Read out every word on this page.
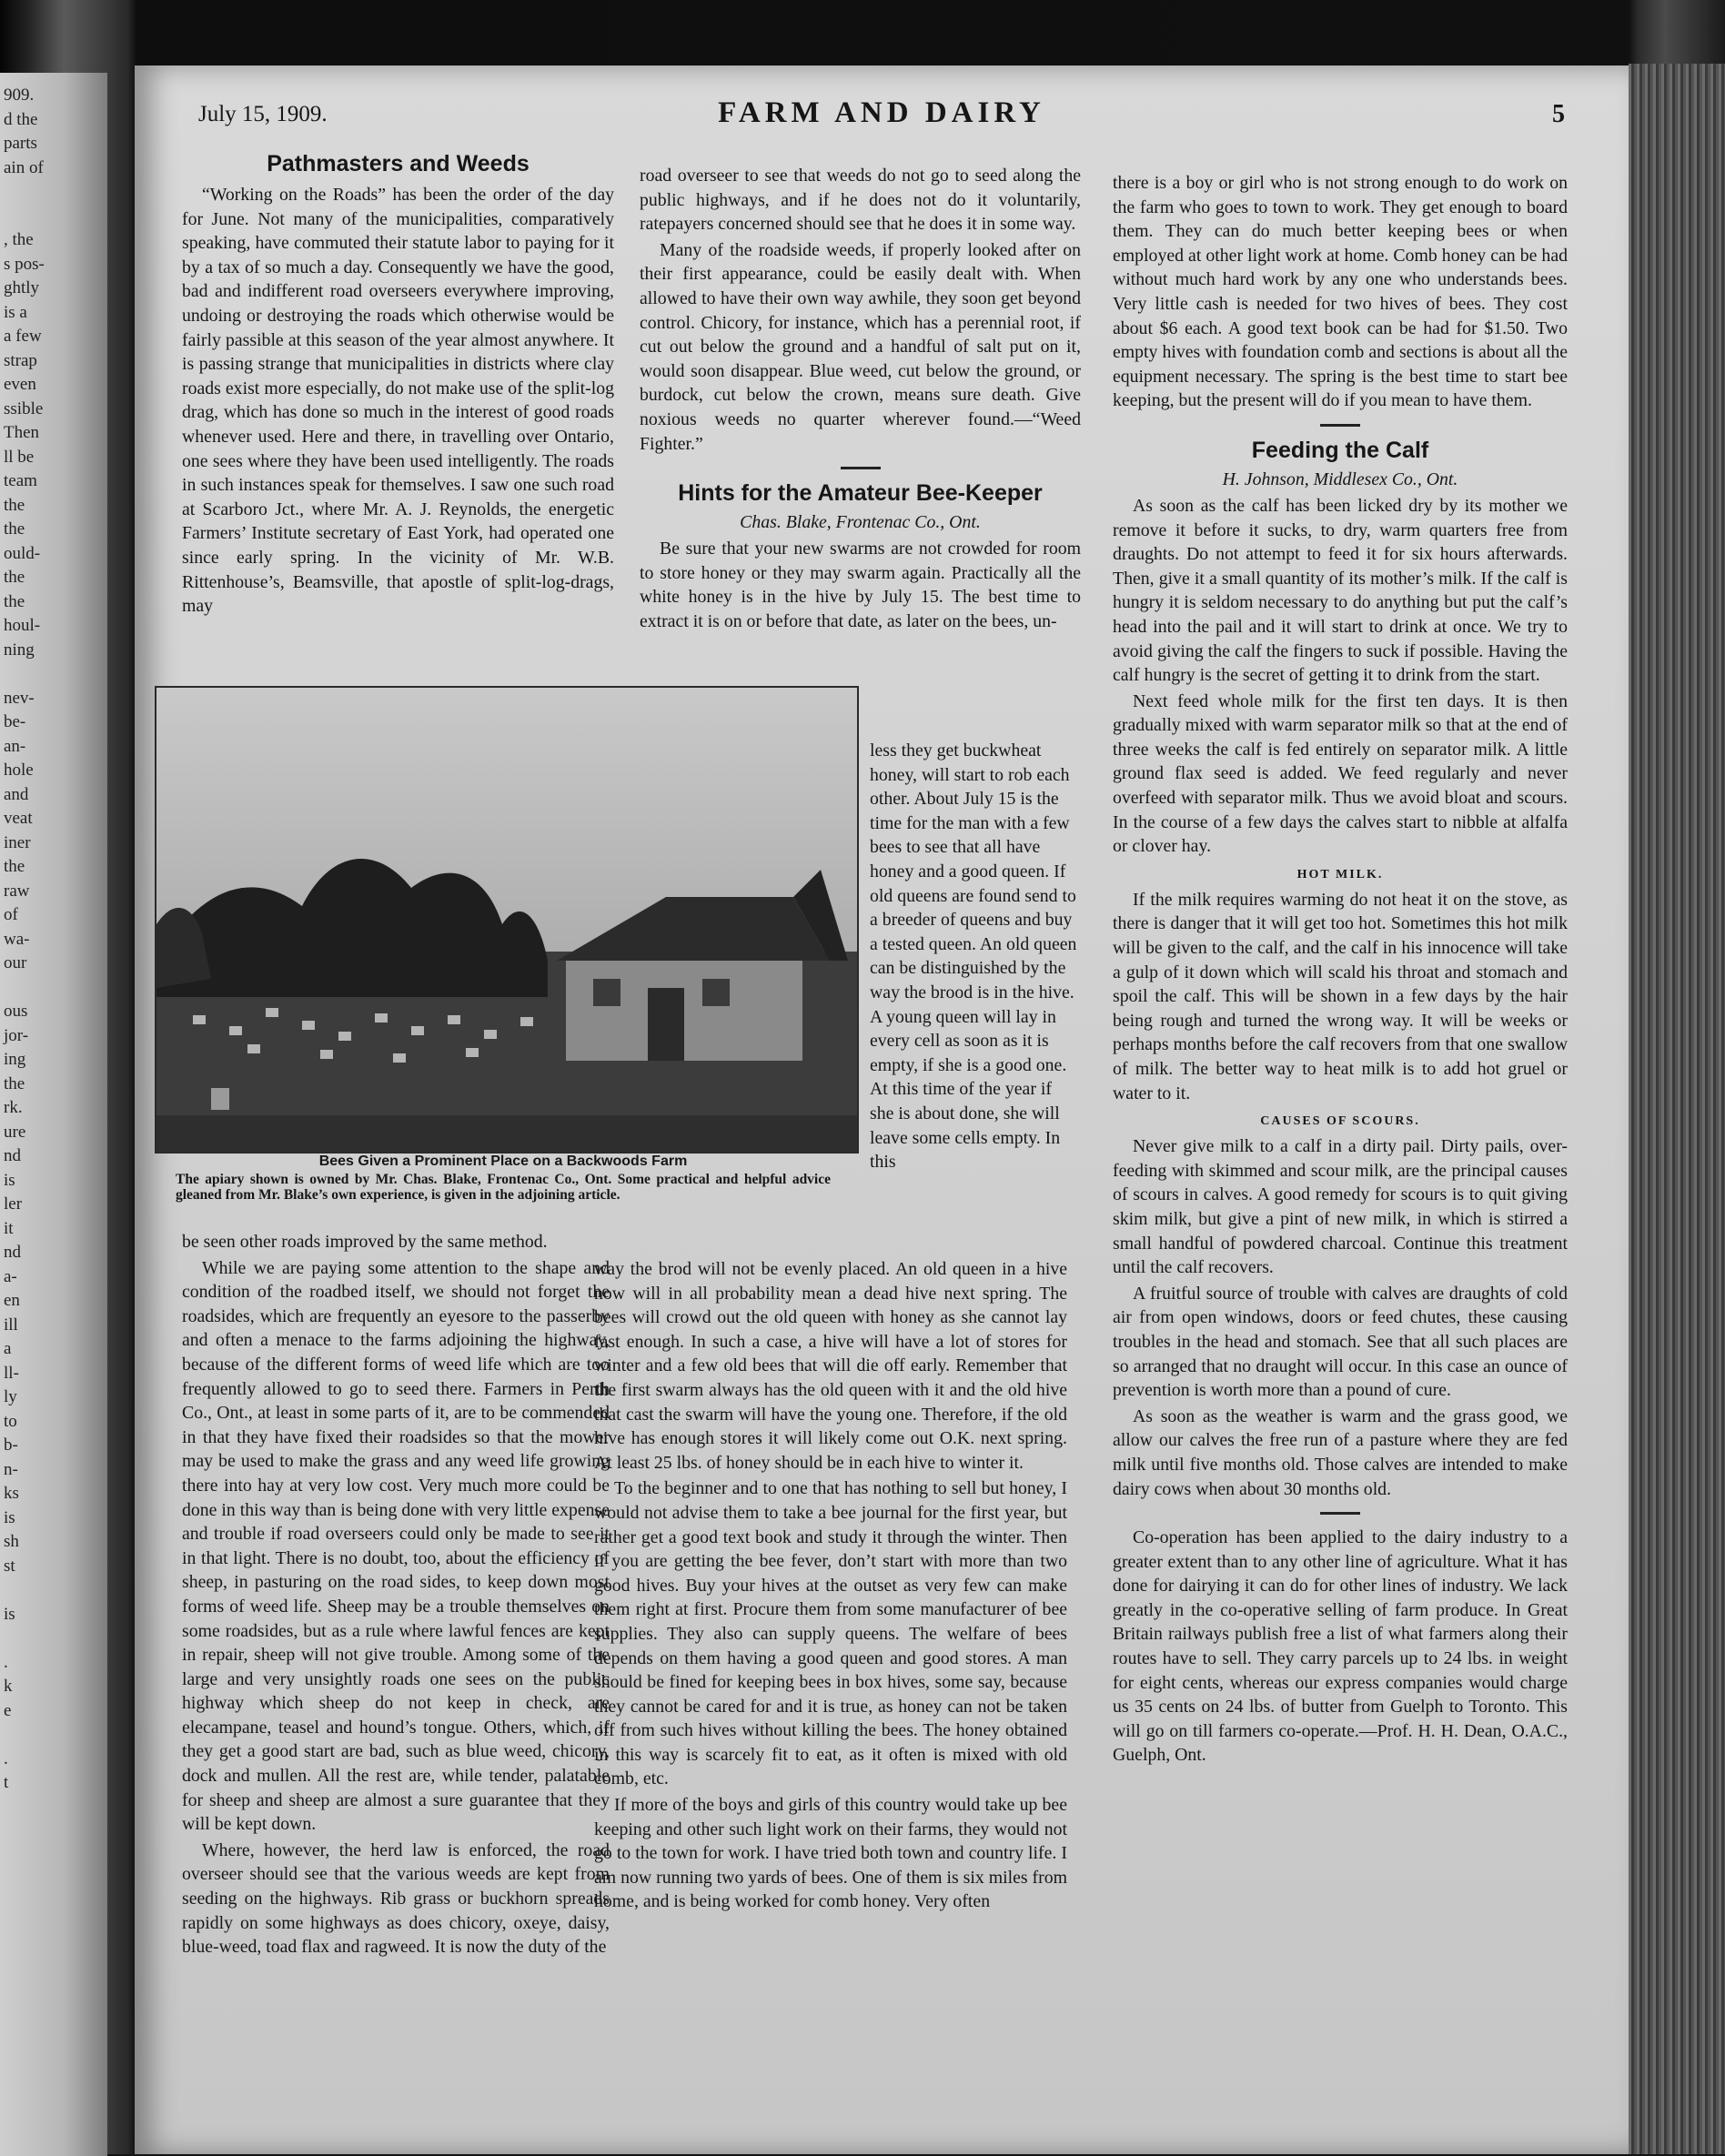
909.
d the
parts
ain of
, the
s pos-
ghtly
is a
a few
strap
even
ssible
Then
ll be
team
the
the
ould-
the
the
houl-
ning
nev-
be-
an-
hole
and
veat
iner
the
raw
of
wa-
our
ous
jor-
ing
the
rk.
ure
nd
is
ler
it
nd
a-
en
ill
a
ll-
ly
to
b-
n-
ks
is
sh
st
is
.
k
e
.
t
July 15, 1909.	FARM AND DAIRY	5
Pathmasters and Weeds

“Working on the Roads” has been the order of the day for June. Not many of the municipalities, comparatively speaking, have commuted their statute labor to paying for it by a tax of so much a day. Consequently we have the good, bad and indifferent road overseers everywhere improving, undoing or destroying the roads which otherwise would be fairly passible at this season of the year almost anywhere. It is passing strange that municipalities in districts where clay roads exist more especially, do not make use of the split-log drag, which has done so much in the interest of good roads whenever used. Here and there, in travelling over Ontario, one sees where they have been used intelligently. The roads in such instances speak for themselves. I saw one such road at Scarboro Jct., where Mr. A. J. Reynolds, the energetic Farmers’ Institute secretary of East York, had operated one since early spring. In the vicinity of Mr. W.B. Rittenhouse’s, Beamsville, that apostle of split-log-drags, may

road overseer to see that weeds do not go to seed along the public highways, and if he does not do it voluntarily, ratepayers concerned should see that he does it in some way.

Many of the roadside weeds, if properly looked after on their first appearance, could be easily dealt with. When allowed to have their own way awhile, they soon get beyond control. Chicory, for instance, which has a perennial root, if cut out below the ground and a handful of salt put on it, would soon disappear. Blue weed, cut below the ground, or burdock, cut below the crown, means sure death. Give noxious weeds no quarter wherever found.—“Weed Fighter.”

Hints for the Amateur Bee-Keeper
Chas. Blake, Frontenac Co., Ont.

Be sure that your new swarms are not crowded for room to store honey or they may swarm again. Practically all the white honey is in the hive by July 15. The best time to extract it is on or before that date, as later on the bees, un-

Bees Given a Prominent Place on a Backwoods Farm
The apiary shown is owned by Mr. Chas. Blake, Frontenac Co., Ont. Some practical and helpful advice gleaned from Mr. Blake’s own experience, is given in the adjoining article.

less they get buckwheat honey, will start to rob each other. About July 15 is the time for the man with a few bees to see that all have honey and a good queen. If old queens are found send to a breeder of queens and buy a tested queen. An old queen can be distinguished by the way the brood is in the hive. A young queen will lay in every cell as soon as it is empty, if she is a good one. At this time of the year if she is about done, she will leave some cells empty. In this

be seen other roads improved by the same method.

While we are paying some attention to the shape and condition of the roadbed itself, we should not forget the roadsides, which are frequently an eyesore to the passerby and often a menace to the farms adjoining the highway, because of the different forms of weed life which are too frequently allowed to go to seed there. Farmers in Perth Co., Ont., at least in some parts of it, are to be commended in that they have fixed their roadsides so that the mower may be used to make the grass and any weed life growing there into hay at very low cost. Very much more could be done in this way than is being done with very little expense and trouble if road overseers could only be made to see it in that light. There is no doubt, too, about the efficiency of sheep, in pasturing on the road sides, to keep down most forms of weed life. Sheep may be a trouble themselves on some roadsides, but as a rule where lawful fences are kept in repair, sheep will not give trouble. Among some of the large and very unsightly roads one sees on the public highway which sheep do not keep in check, are elecampane, teasel and hound’s tongue. Others, which, if they get a good start are bad, such as blue weed, chicory, dock and mullen. All the rest are, while tender, palatable for sheep and sheep are almost a sure guarantee that they will be kept down.

Where, however, the herd law is enforced, the road overseer should see that the various weeds are kept from seeding on the highways. Rib grass or buckhorn spreads rapidly on some highways as does chicory, oxeye, daisy, blue-weed, toad flax and ragweed. It is now the duty of the

way the brod will not be evenly placed. An old queen in a hive now will in all probability mean a dead hive next spring. The bees will crowd out the old queen with honey as she cannot lay fast enough. In such a case, a hive will have a lot of stores for winter and a few old bees that will die off early. Remember that the first swarm always has the old queen with it and the old hive that cast the swarm will have the young one. Therefore, if the old hive has enough stores it will likely come out O.K. next spring. At least 25 lbs. of honey should be in each hive to winter it.

To the beginner and to one that has nothing to sell but honey, I would not advise them to take a bee journal for the first year, but rather get a good text book and study it through the winter. Then if you are getting the bee fever, don’t start with more than two good hives. Buy your hives at the outset as very few can make them right at first. Procure them from some manufacturer of bee supplies. They also can supply queens. The welfare of bees depends on them having a good queen and good stores. A man should be fined for keeping bees in box hives, some say, because they cannot be cared for and it is true, as honey can not be taken off from such hives without killing the bees. The honey obtained in this way is scarcely fit to eat, as it often is mixed with old comb, etc.

If more of the boys and girls of this country would take up bee keeping and other such light work on their farms, they would not go to the town for work. I have tried both town and country life. I am now running two yards of bees. One of them is six miles from home, and is being worked for comb honey. Very often

there is a boy or girl who is not strong enough to do work on the farm who goes to town to work. They get enough to board them. They can do much better keeping bees or when employed at other light work at home. Comb honey can be had without much hard work by any one who understands bees. Very little cash is needed for two hives of bees. They cost about $6 each. A good text book can be had for $1.50. Two empty hives with foundation comb and sections is about all the equipment necessary. The spring is the best time to start bee keeping, but the present will do if you mean to have them.

Feeding the Calf
H. Johnson, Middlesex Co., Ont.

As soon as the calf has been licked dry by its mother we remove it before it sucks, to dry, warm quarters free from draughts. Do not attempt to feed it for six hours afterwards. Then, give it a small quantity of its mother’s milk. If the calf is hungry it is seldom necessary to do anything but put the calf’s head into the pail and it will start to drink at once. We try to avoid giving the calf the fingers to suck if possible. Having the calf hungry is the secret of getting it to drink from the start.

Next feed whole milk for the first ten days. It is then gradually mixed with warm separator milk so that at the end of three weeks the calf is fed entirely on separator milk. A little ground flax seed is added. We feed regularly and never overfeed with separator milk. Thus we avoid bloat and scours. In the course of a few days the calves start to nibble at alfalfa or clover hay.

HOT MILK.

If the milk requires warming do not heat it on the stove, as there is danger that it will get too hot. Sometimes this hot milk will be given to the calf, and the calf in his innocence will take a gulp of it down which will scald his throat and stomach and spoil the calf. This will be shown in a few days by the hair being rough and turned the wrong way. It will be weeks or perhaps months before the calf recovers from that one swallow of milk. The better way to heat milk is to add hot gruel or water to it.

CAUSES OF SCOURS.

Never give milk to a calf in a dirty pail. Dirty pails, over-feeding with skimmed and scour milk, are the principal causes of scours in calves. A good remedy for scours is to quit giving skim milk, but give a pint of new milk, in which is stirred a small handful of powdered charcoal. Continue this treatment until the calf recovers.

A fruitful source of trouble with calves are draughts of cold air from open windows, doors or feed chutes, these causing troubles in the head and stomach. See that all such places are so arranged that no draught will occur. In this case an ounce of prevention is worth more than a pound of cure.

As soon as the weather is warm and the grass good, we allow our calves the free run of a pasture where they are fed milk until five months old. Those calves are intended to make dairy cows when about 30 months old.

Co-operation has been applied to the dairy industry to a greater extent than to any other line of agriculture. What it has done for dairying it can do for other lines of industry. We lack greatly in the co-operative selling of farm produce. In Great Britain railways publish free a list of what farmers along their routes have to sell. They carry parcels up to 24 lbs. in weight for eight cents, whereas our express companies would charge us 35 cents on 24 lbs. of butter from Guelph to Toronto. This will go on till farmers co-operate.—Prof. H. H. Dean, O.A.C., Guelph, Ont.
